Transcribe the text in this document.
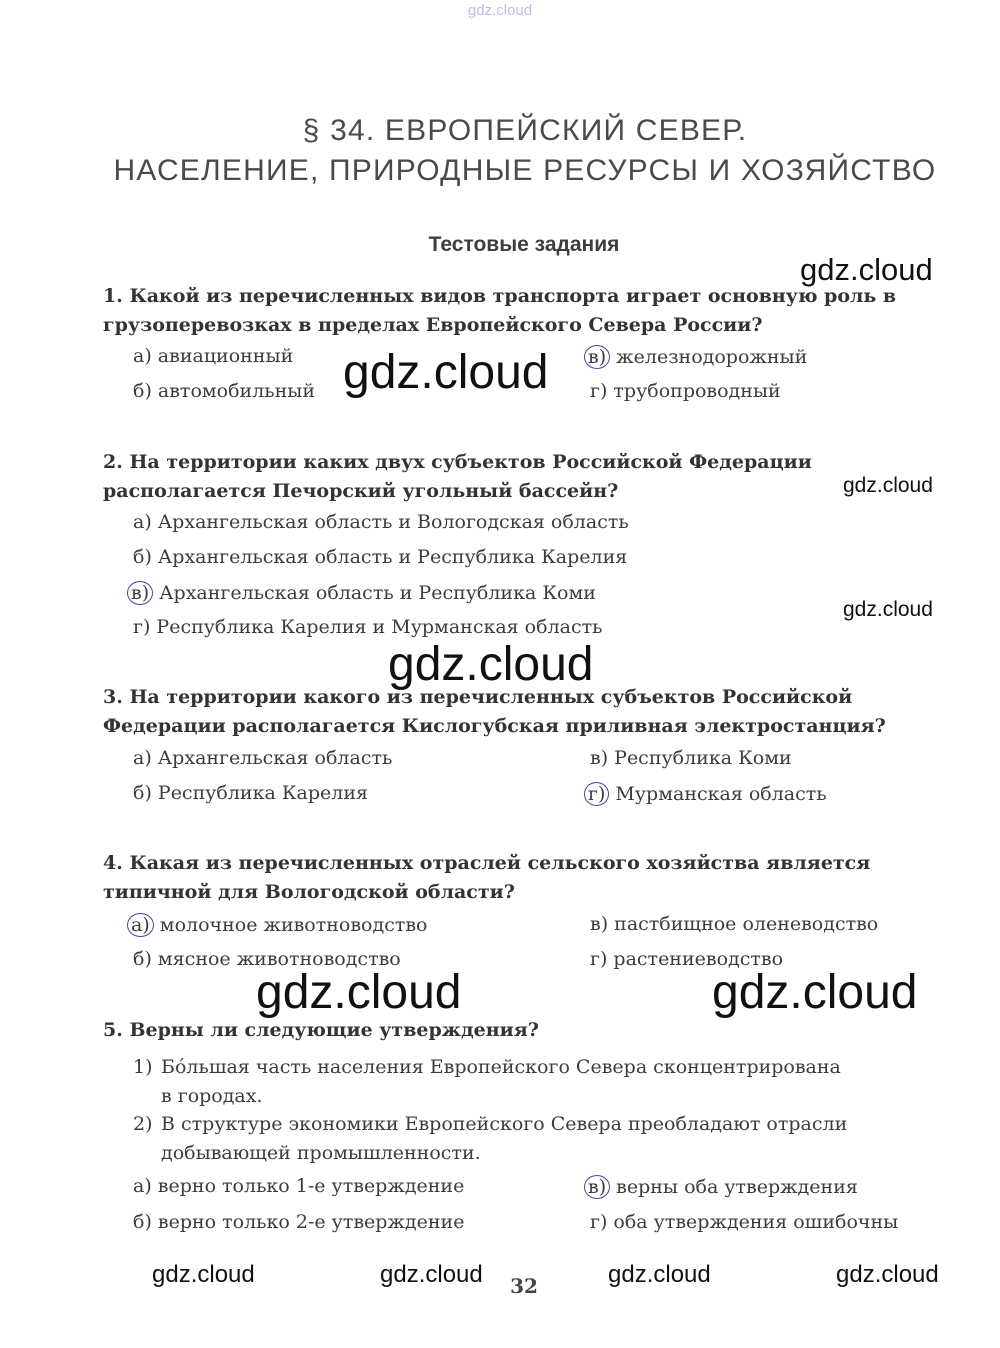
gdz.cloud
§ 34. ЕВРОПЕЙСКИЙ СЕВЕР.
НАСЕЛЕНИЕ, ПРИРОДНЫЕ РЕСУРСЫ И ХОЗЯЙСТВО
Тестовые задания
1. Какой из перечисленных видов транспорта играет основную роль в грузоперевозках в пределах Европейского Севера России?
а) авиационный
б) автомобильный
в) железнодорожный
г) трубопроводный
2. На территории каких двух субъектов Российской Федерации располагается Печорский угольный бассейн?
а) Архангельская область и Вологодская область
б) Архангельская область и Республика Карелия
в) Архангельская область и Республика Коми
г) Республика Карелия и Мурманская область
3. На территории какого из перечисленных субъектов Российской Федерации располагается Кислогубская приливная электростанция?
а) Архангельская область
б) Республика Карелия
в) Республика Коми
г) Мурманская область
4. Какая из перечисленных отраслей сельского хозяйства является типичной для Вологодской области?
а) молочное животноводство
б) мясное животноводство
в) пастбищное оленеводство
г) растениеводство
5. Верны ли следующие утверждения?
1) Бóльшая часть населения Европейского Севера сконцентрирована
в городах.
2) В структуре экономики Европейского Севера преобладают отрасли
добывающей промышленности.
а) верно только 1-е утверждение
б) верно только 2-е утверждение
в) верны оба утверждения
г) оба утверждения ошибочны
gdz.cloud
gdz.cloud
gdz.cloud
gdz.cloud
gdz.cloud
gdz.cloud	gdz.cloud
gdz.cloud	gdz.cloud	gdz.cloud	gdz.cloud
32
